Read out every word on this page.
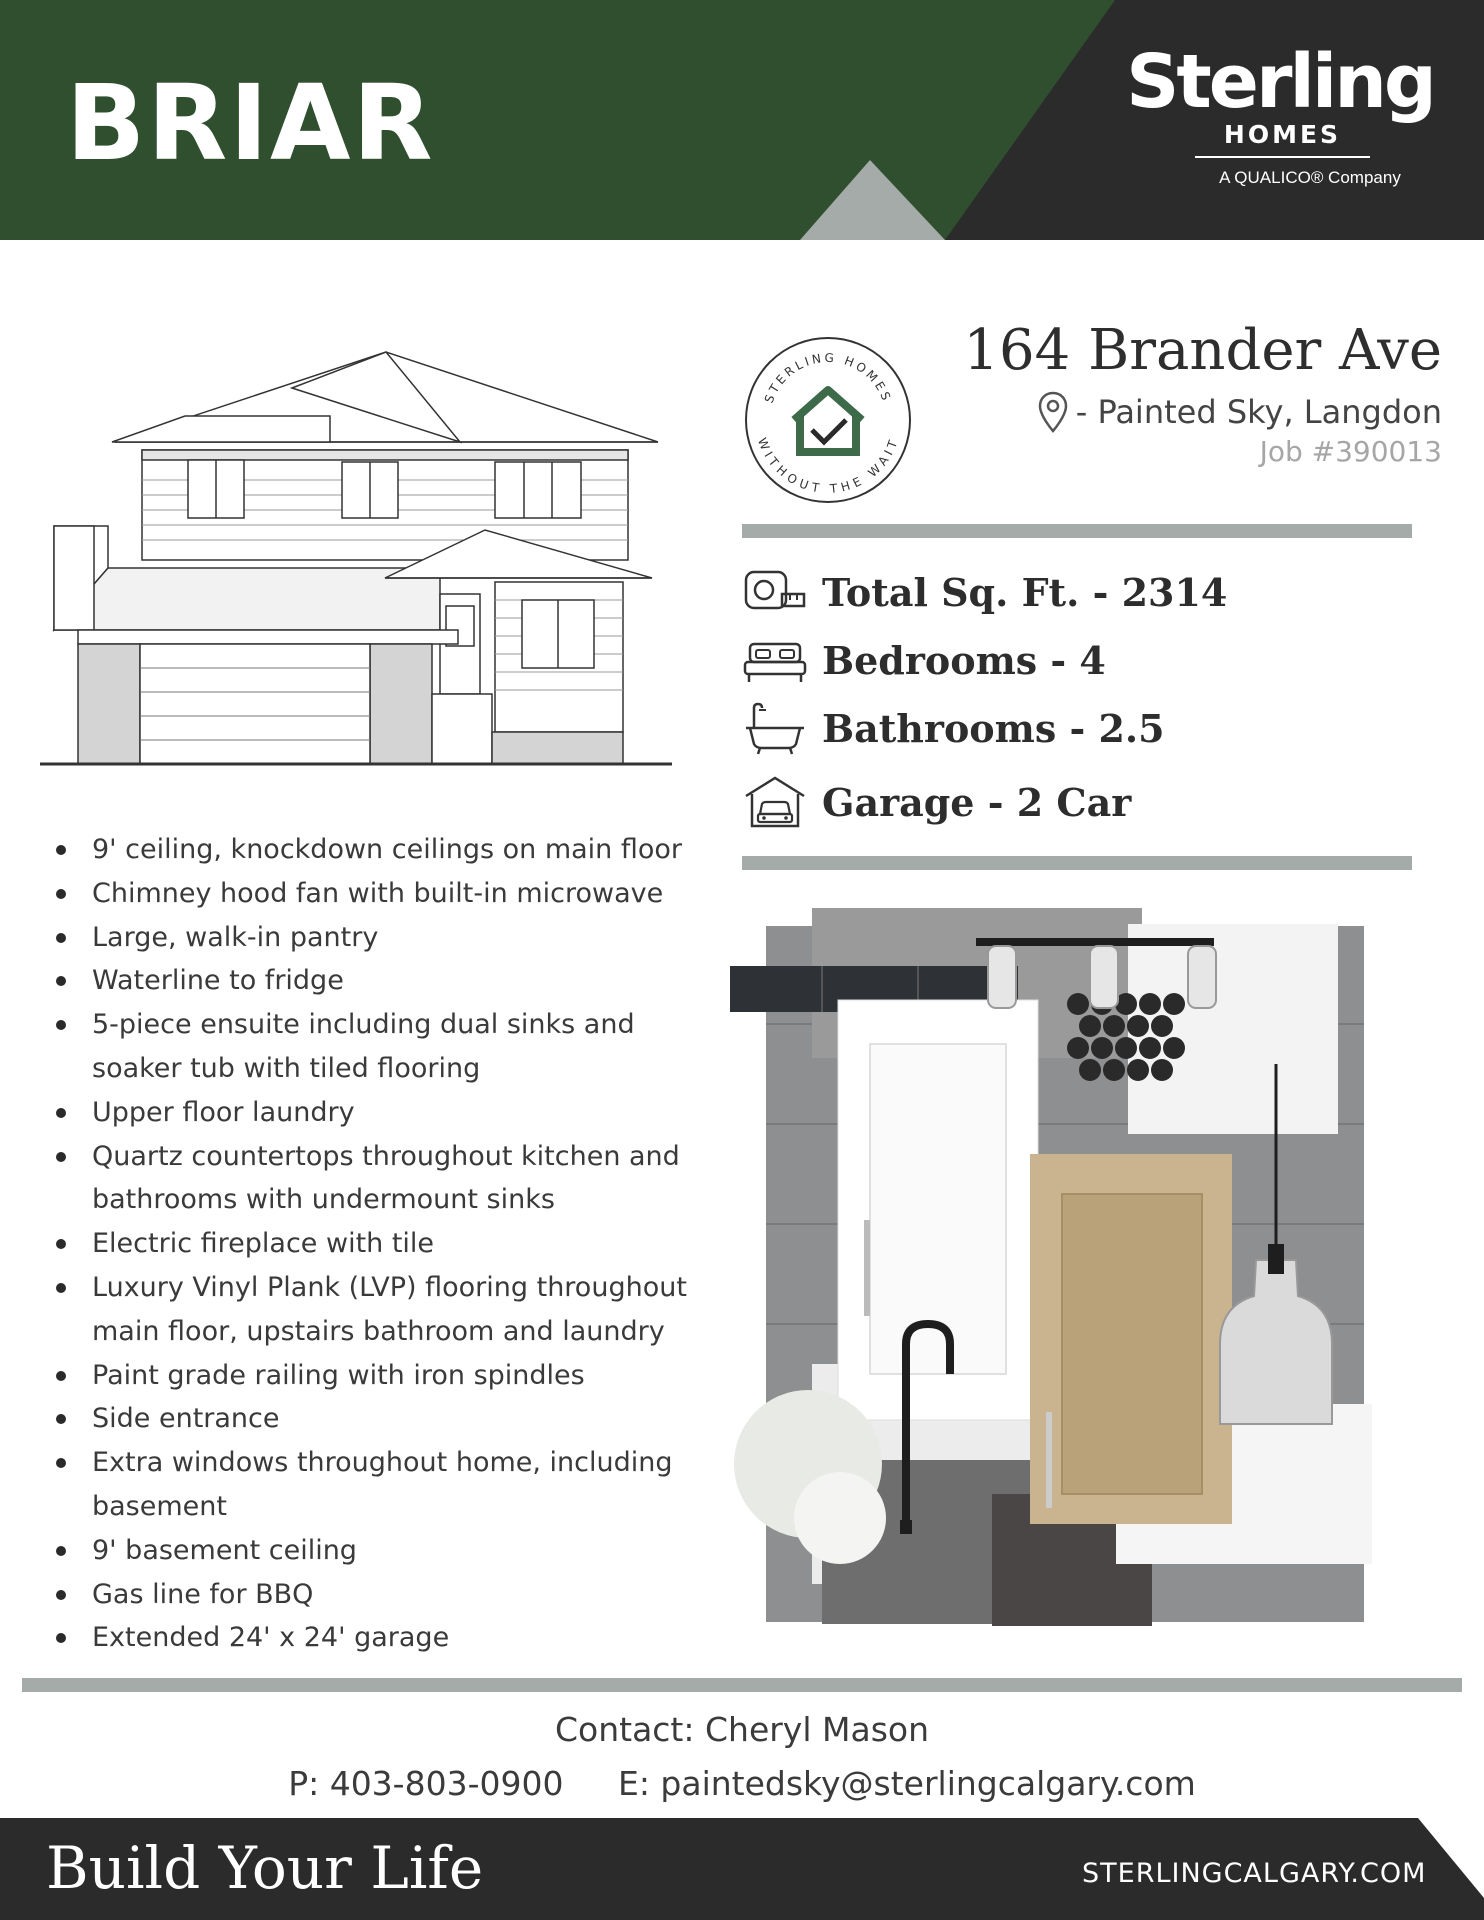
BRIAR	Sterling
HOMES
A QUALICO® Company
STERLING HOMES
WITHOUT THE WAIT
164 Brander Ave
- Painted Sky, Langdon
Job #390013
Total Sq. Ft. - 2314
Bedrooms - 4
Bathrooms - 2.5
Garage - 2 Car
9' ceiling, knockdown ceilings on main floor
Chimney hood fan with built-in microwave
Large, walk-in pantry
Waterline to fridge
5-piece ensuite including dual sinks and soaker tub with tiled flooring
Upper floor laundry
Quartz countertops throughout kitchen and bathrooms with undermount sinks
Electric fireplace with tile
Luxury Vinyl Plank (LVP) flooring throughout main floor, upstairs bathroom and laundry
Paint grade railing with iron spindles
Side entrance
Extra windows throughout home, including basement
9' basement ceiling
Gas line for BBQ
Extended 24' x 24' garage
Contact: Cheryl Mason
P: 403-803-0900 E: paintedsky@sterlingcalgary.com
Build Your Life	STERLINGCALGARY.COM
